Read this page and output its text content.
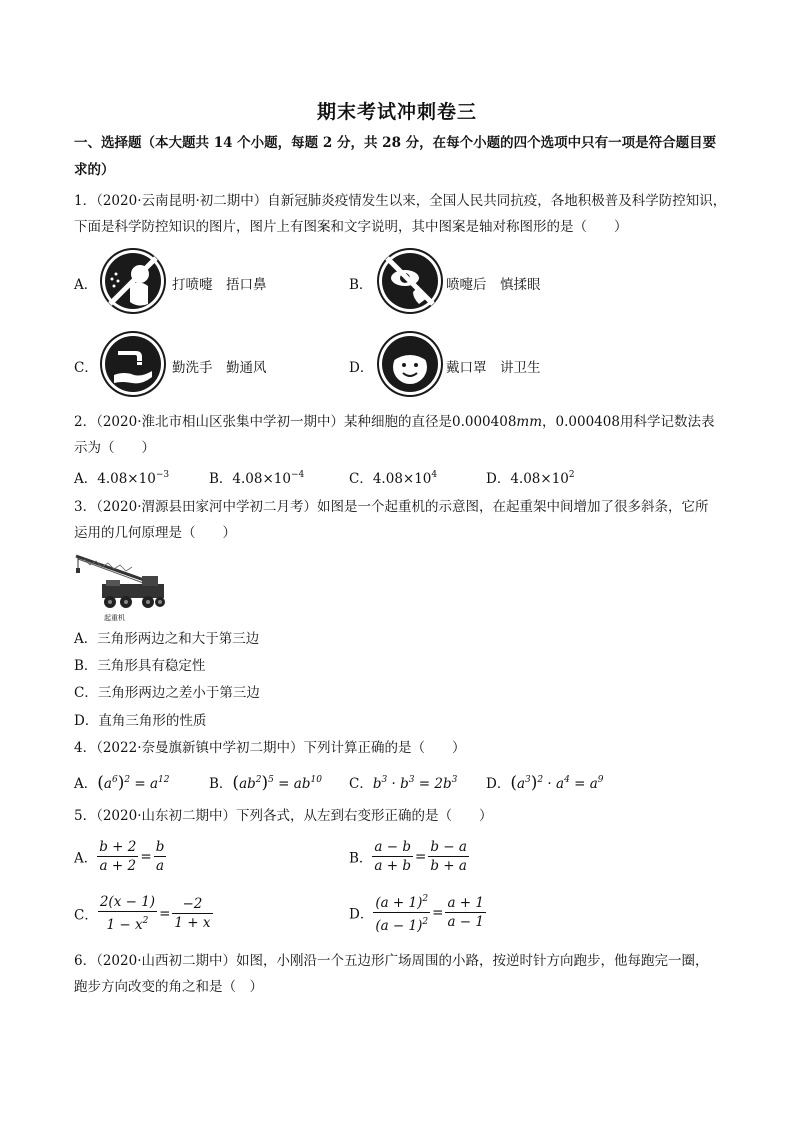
期末考试冲刺卷三
一、选择题（本大题共 14 个小题，每题 2 分，共 28 分，在每个小题的四个选项中只有一项是符合题目要
求的）
1．（2020·云南昆明·初二期中）自新冠肺炎疫情发生以来，全国人民共同抗疫，各地积极普及科学防控知识，
下面是科学防控知识的图片，图片上有图案和文字说明，其中图案是轴对称图形的是（　　）
A．	打喷嚏　捂口鼻	B．	喷嚏后　慎揉眼
C．	勤洗手　勤通风	D．	戴口罩　讲卫生
2．（2020·淮北市相山区张集中学初一期中）某种细胞的直径是0.000408mm，0.000408用科学记数法表
示为（　　）
A．$4.08\times 10^{-3}$	B．$4.08\times 10^{-4}$	C．$4.08\times 10^4$	D．$4.08\times 10^2$
3．（2020·渭源县田家河中学初二月考）如图是一个起重机的示意图，在起重架中间增加了很多斜条，它所
运用的几何原理是（　　）
起重机
A．三角形两边之和大于第三边
B．三角形具有稳定性
C．三角形两边之差小于第三边
D．直角三角形的性质
4．（2022·奈曼旗新镇中学初二期中）下列计算正确的是（　　）
A．$(a^6)^2 = a^{12}$	B．$(ab^2)^5 = ab^{10}$ C．$b^3 \cdot b^3 = 2b^3$ D．$(a^3)^2 \cdot a^4 = a^9$
5．（2020·山东初二期中）下列各式，从左到右变形正确的是（　　）
A． $\frac{b + 2}{a + 2} = \frac{b}{a}$	B． $\frac{a - b}{a + b} = \frac{b - a}{b + a}$
C． $\frac{2(x - 1)}{1 - x^2} = \frac{-2}{1 + x}$	D． $\frac{(a + 1)^2}{(a - 1)^2} = \frac{a + 1}{a - 1}$
6．（2020·山西初二期中）如图，小刚沿一个五边形广场周围的小路，按逆时针方向跑步，他每跑完一圈，
跑步方向改变的角之和是（　）
